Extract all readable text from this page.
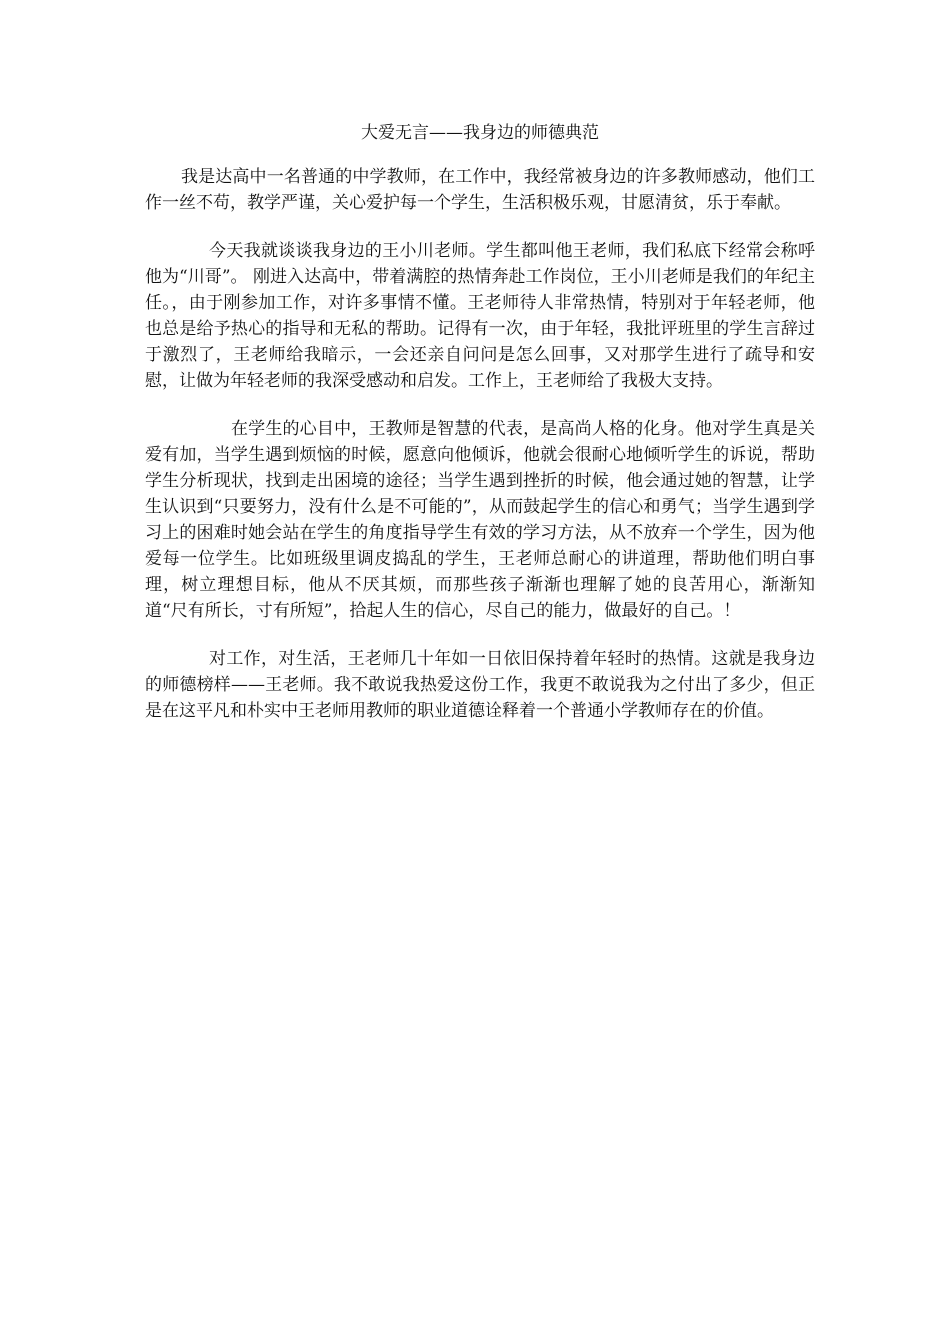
大爱无言——我身边的师德典范

我是达高中一名普通的中学教师，在工作中，我经常被身边的许多教师感动，他们工作一丝不苟，教学严谨，关心爱护每一个学生，生活积极乐观，甘愿清贫，乐于奉献。

今天我就谈谈我身边的王小川老师。学生都叫他王老师，我们私底下经常会称呼他为“川哥”。 刚进入达高中，带着满腔的热情奔赴工作岗位，王小川老师是我们的年纪主任。，由于刚参加工作，对许多事情不懂。王老师待人非常热情，特别对于年轻老师，他也总是给予热心的指导和无私的帮助。记得有一次，由于年轻，我批评班里的学生言辞过于激烈了，王老师给我暗示，一会还亲自问问是怎么回事，又对那学生进行了疏导和安慰，让做为年轻老师的我深受感动和启发。工作上，王老师给了我极大支持。

在学生的心目中，王教师是智慧的代表，是高尚人格的化身。他对学生真是关爱有加，当学生遇到烦恼的时候，愿意向他倾诉，他就会很耐心地倾听学生的诉说，帮助学生分析现状，找到走出困境的途径；当学生遇到挫折的时候，他会通过她的智慧，让学生认识到“只要努力，没有什么是不可能的”，从而鼓起学生的信心和勇气；当学生遇到学习上的困难时她会站在学生的角度指导学生有效的学习方法，从不放弃一个学生，因为他爱每一位学生。比如班级里调皮捣乱的学生，王老师总耐心的讲道理，帮助他们明白事理，树立理想目标，他从不厌其烦，而那些孩子渐渐也理解了她的良苦用心，渐渐知道“尺有所长，寸有所短”，拾起人生的信心，尽自己的能力，做最好的自己。！

对工作，对生活，王老师几十年如一日依旧保持着年轻时的热情。这就是我身边的师德榜样——王老师。我不敢说我热爱这份工作，我更不敢说我为之付出了多少，但正是在这平凡和朴实中王老师用教师的职业道德诠释着一个普通小学教师存在的价值。
